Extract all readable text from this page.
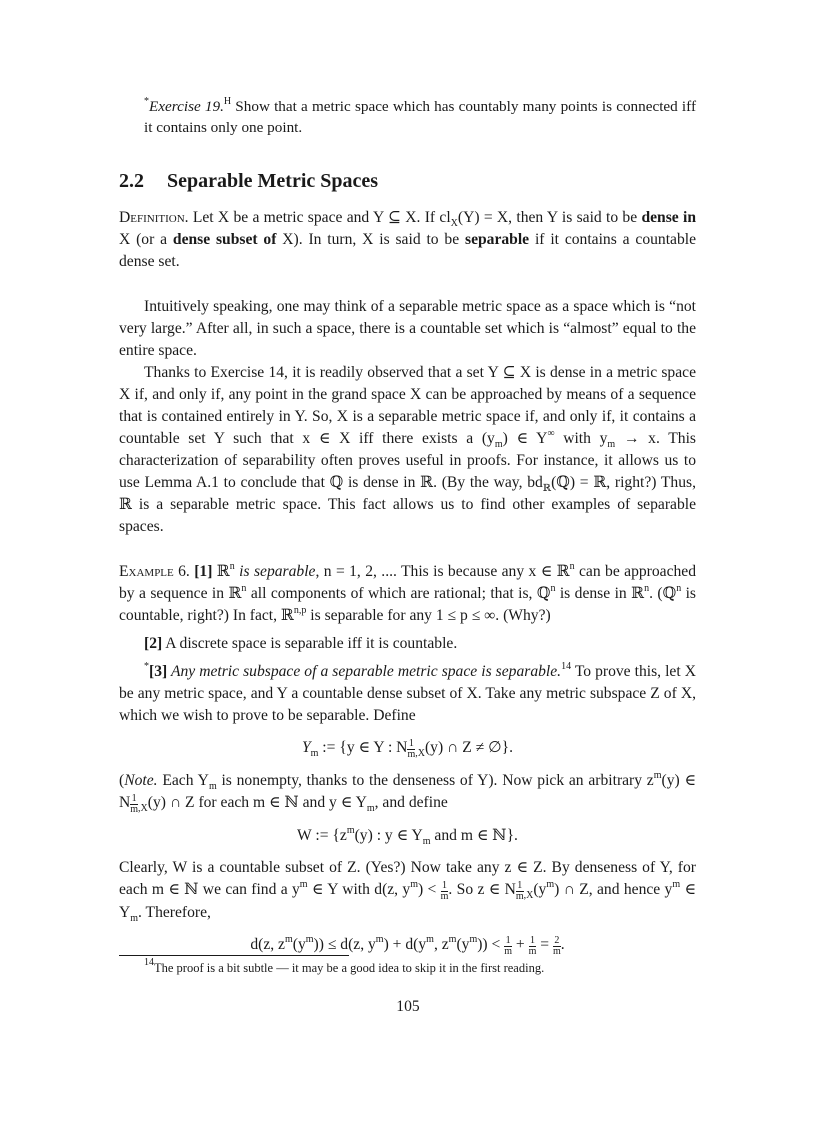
*Exercise 19.$^H$ Show that a metric space which has countably many points is connected iff it contains only one point.

2.2 Separable Metric Spaces

Definition. Let X be a metric space and Y ⊆ X. If $cl_X(Y) = X$, then Y is said to be dense in X (or a dense subset of X). In turn, X is said to be separable if it contains a countable dense set.

Intuitively speaking, one may think of a separable metric space as a space which is “not very large.” After all, in such a space, there is a countable set which is “almost” equal to the entire space.

Thanks to Exercise 14, it is readily observed that a set Y ⊆ X is dense in a metric space X if, and only if, any point in the grand space X can be approached by means of a sequence that is contained entirely in Y. So, X is a separable metric space if, and only if, it contains a countable set Y such that x ∈ X iff there exists a $(y_m)$ ∈ Y∞ with $y_m \to x$. This characterization of separability often proves useful in proofs. For instance, it allows us to use Lemma A.1 to conclude that ℚ is dense in ℝ. (By the way, $bd_ℝ(ℚ)$ = ℝ, right?) Thus, ℝ is a separable metric space. This fact allows us to find other examples of separable spaces.

Example 6. [1] ℝ$^n$ is separable, n = 1, 2, .... This is because any x ∈ ℝ$^n$ can be approached by a sequence in ℝ$^n$ all components of which are rational; that is, ℚ$^n$ is dense in ℝ$^n$. (ℚ$^n$ is countable, right?) In fact, ℝ$^{n,p}$ is separable for any 1 ≤ p ≤ ∞. (Why?)

[2] A discrete space is separable iff it is countable.

*[3] Any metric subspace of a separable metric space is separable.$^{14}$ To prove this, let X be any metric space, and Y a countable dense subset of X. Take any metric subspace Z of X, which we wish to prove to be separable. Define

$Y_m$ := {y ∈ Y : N $\frac{1}{m} _{,X}(y)$ ∩ Z ≠ ∅}.

(Note. Each $Y_m$ is nonempty, thanks to the denseness of Y). Now pick an arbitrary $z^m(y)$ ∈ N $\frac{1}{m} _{,X}(y)$ ∩ Z for each m ∈ ℕ and y ∈ $Y_m$, and define

W := {$z^m(y)$ : y ∈ $Y_m$ and m ∈ ℕ}.

Clearly, W is a countable subset of Z. (Yes?) Now take any z ∈ Z. By denseness of Y, for each m ∈ ℕ we can find a $y^m$ ∈ Y with d(z, $y^m) < \frac{1}{m}$ . So z ∈ N $\frac{1}{m} _{,X}(y^m)$ ∩ Z, and hence $y^m$ ∈ $Y_m$. Therefore,

d(z, $z^m(y^m)) \le d(z$, $y^m) + d(y^m$, $z^m(y^m)) < \frac{1}{m} + \frac{1}{m} = \frac{2}{m}$ .
$^{14}$The proof is a bit subtle — it may be a good idea to skip it in the first reading.
105
